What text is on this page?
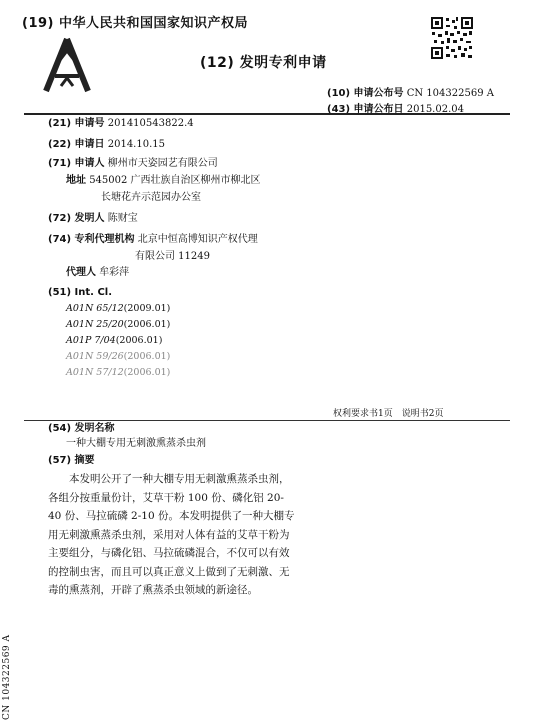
(19) 中华人民共和国国家知识产权局
(12) 发明专利申请
(10) 申请公布号 CN 104322569 A
(43) 申请公布日 2015.02.04
(21) 申请号 201410543822.4
(22) 申请日 2014.10.15
(71) 申请人 柳州市天姿园艺有限公司
地址 545002 广西壮族自治区柳州市柳北区
长塘花卉示范园办公室
(72) 发明人 陈财宝
(74) 专利代理机构 北京中恒高博知识产权代理
有限公司 11249
代理人 牟彩萍
(51) Int. Cl.
A01N 65/12(2009.01)
A01N 25/20(2006.01)
A01P 7/04(2006.01)
A01N 59/26(2006.01)
A01N 57/12(2006.01)
权利要求书1页　说明书2页
(54) 发明名称
一种大棚专用无刺激熏蒸杀虫剂
(57) 摘要
本发明公开了一种大棚专用无刺激熏蒸杀虫剂，各组分按重量份计，艾草干粉 100 份、磷化铝 20-40 份、马拉硫磷 2-10 份。本发明提供了一种大棚专用无刺激熏蒸杀虫剂，采用对人体有益的艾草干粉为主要组分，与磷化铝、马拉硫磷混合，不仅可以有效的控制虫害，而且可以真正意义上做到了无刺激、无毒的熏蒸剂，开辟了熏蒸杀虫领域的新途径。
CN 104322569 A
